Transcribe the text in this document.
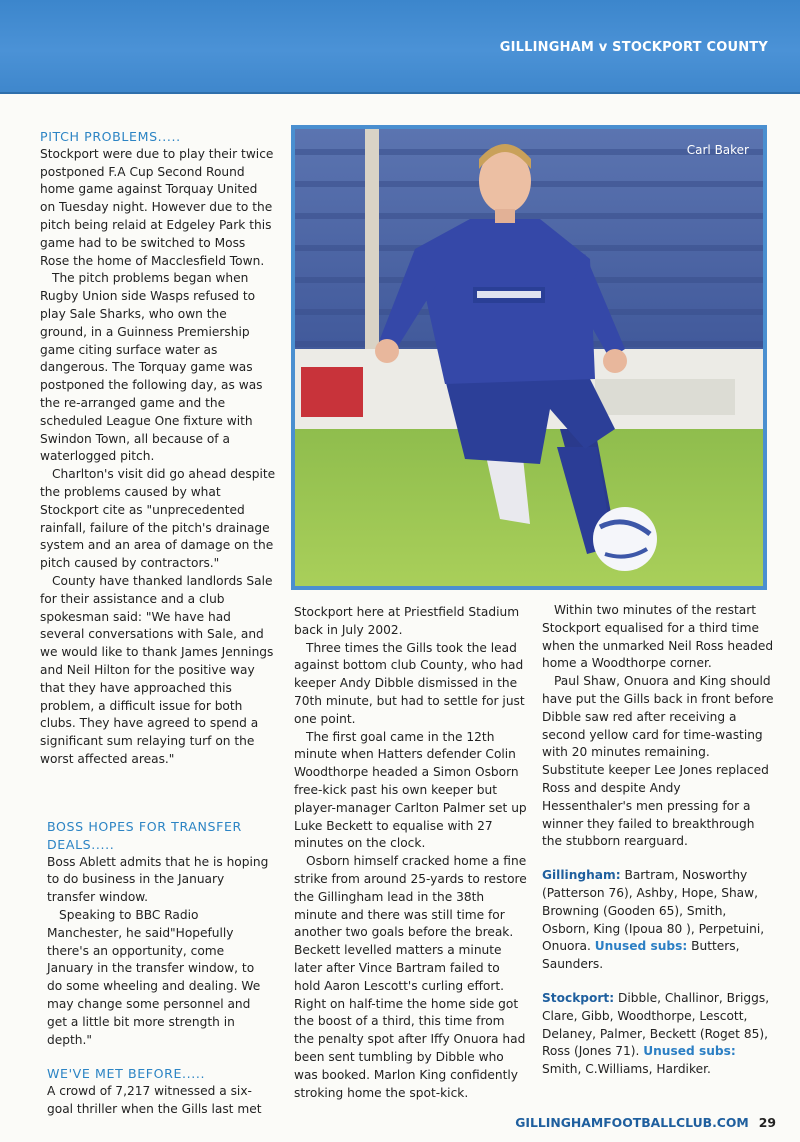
GILLINGHAM v STOCKPORT COUNTY
PITCH PROBLEMS.....

Stockport were due to play their twice postponed F.A Cup Second Round home game against Torquay United on Tuesday night. However due to the pitch being relaid at Edgeley Park this game had to be switched to Moss Rose the home of Macclesfield Town.

The pitch problems began when Rugby Union side Wasps refused to play Sale Sharks, who own the ground, in a Guinness Premiership game citing surface water as dangerous. The Torquay game was postponed the following day, as was the re-arranged game and the scheduled League One fixture with Swindon Town, all because of a waterlogged pitch.

Charlton's visit did go ahead despite the problems caused by what Stockport cite as "unprecedented rainfall, failure of the pitch's drainage system and an area of damage on the pitch caused by contractors."

County have thanked landlords Sale for their assistance and a club spokesman said: "We have had several conversations with Sale, and we would like to thank James Jennings and Neil Hilton for the positive way that they have approached this problem, a difficult issue for both clubs. They have agreed to spend a significant sum relaying turf on the worst affected areas."

BOSS HOPES FOR TRANSFER DEALS.....

Boss Ablett admits that he is hoping to do business in the January transfer window.

Speaking to BBC Radio Manchester, he said"Hopefully there's an opportunity, come January in the transfer window, to do some wheeling and dealing. We may change some personnel and get a little bit more strength in depth."

WE'VE MET BEFORE.....

A crowd of 7,217 witnessed a six-goal thriller when the Gills last met

Carl Baker

Stockport here at Priestfield Stadium back in July 2002.

Three times the Gills took the lead against bottom club County, who had keeper Andy Dibble dismissed in the 70th minute, but had to settle for just one point.

The first goal came in the 12th minute when Hatters defender Colin Woodthorpe headed a Simon Osborn free-kick past his own keeper but player-manager Carlton Palmer set up Luke Beckett to equalise with 27 minutes on the clock.

Osborn himself cracked home a fine strike from around 25-yards to restore the Gillingham lead in the 38th minute and there was still time for another two goals before the break. Beckett levelled matters a minute later after Vince Bartram failed to hold Aaron Lescott's curling effort. Right on half-time the home side got the boost of a third, this time from the penalty spot after Iffy Onuora had been sent tumbling by Dibble who was booked. Marlon King confidently stroking home the spot-kick.

Within two minutes of the restart Stockport equalised for a third time when the unmarked Neil Ross headed home a Woodthorpe corner.

Paul Shaw, Onuora and King should have put the Gills back in front before Dibble saw red after receiving a second yellow card for time-wasting with 20 minutes remaining. Substitute keeper Lee Jones replaced Ross and despite Andy Hessenthaler's men pressing for a winner they failed to breakthrough the stubborn rearguard.

Gillingham: Bartram, Nosworthy (Patterson 76), Ashby, Hope, Shaw, Browning (Gooden 65), Smith, Osborn, King (Ipoua 80 ), Perpetuini, Onuora. Unused subs: Butters, Saunders.

Stockport: Dibble, Challinor, Briggs, Clare, Gibb, Woodthorpe, Lescott, Delaney, Palmer, Beckett (Roget 85), Ross (Jones 71). Unused subs: Smith, C.Williams, Hardiker.

GILLINGHAMFOOTBALLCLUB.COM 29
